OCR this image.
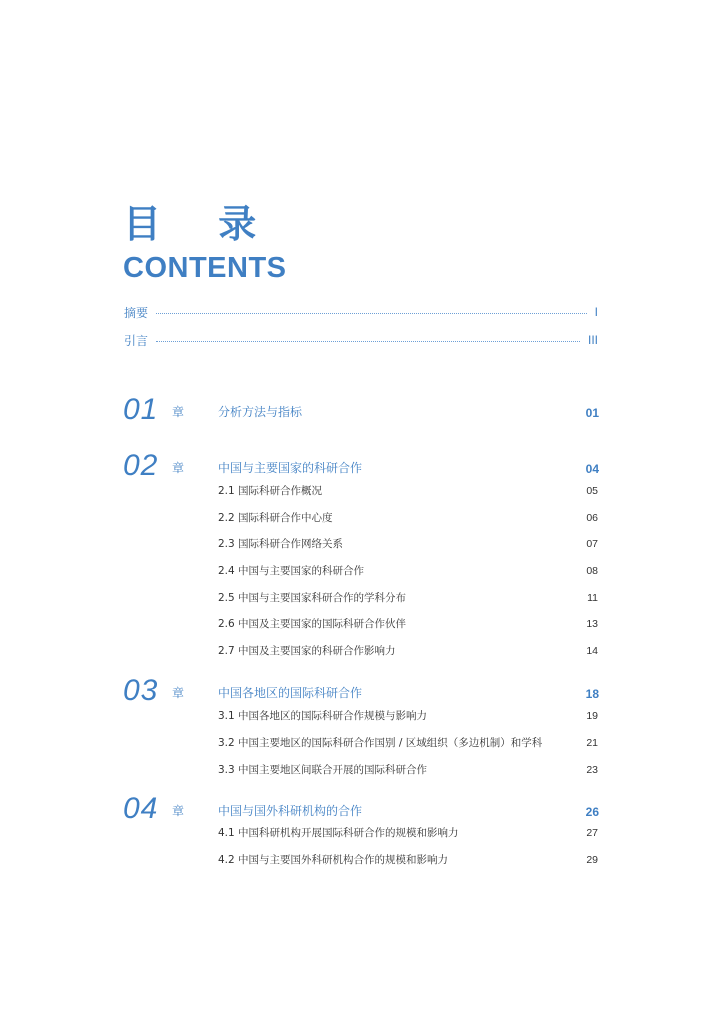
目 录
CONTENTS
摘要	I
引言	III
01 章	分析方法与指标	01
02 章	中国与主要国家的科研合作	04
2.1 国际科研合作概况	05
2.2 国际科研合作中心度	06
2.3 国际科研合作网络关系	07
2.4 中国与主要国家的科研合作	08
2.5 中国与主要国家科研合作的学科分布	11
2.6 中国及主要国家的国际科研合作伙伴	13
2.7 中国及主要国家的科研合作影响力	14
03 章	中国各地区的国际科研合作	18
3.1 中国各地区的国际科研合作规模与影响力	19
3.2 中国主要地区的国际科研合作国别 / 区域组织（多边机制）和学科	21
3.3 中国主要地区间联合开展的国际科研合作	23
04 章	中国与国外科研机构的合作	26
4.1 中国科研机构开展国际科研合作的规模和影响力	27
4.2 中国与主要国外科研机构合作的规模和影响力	29
